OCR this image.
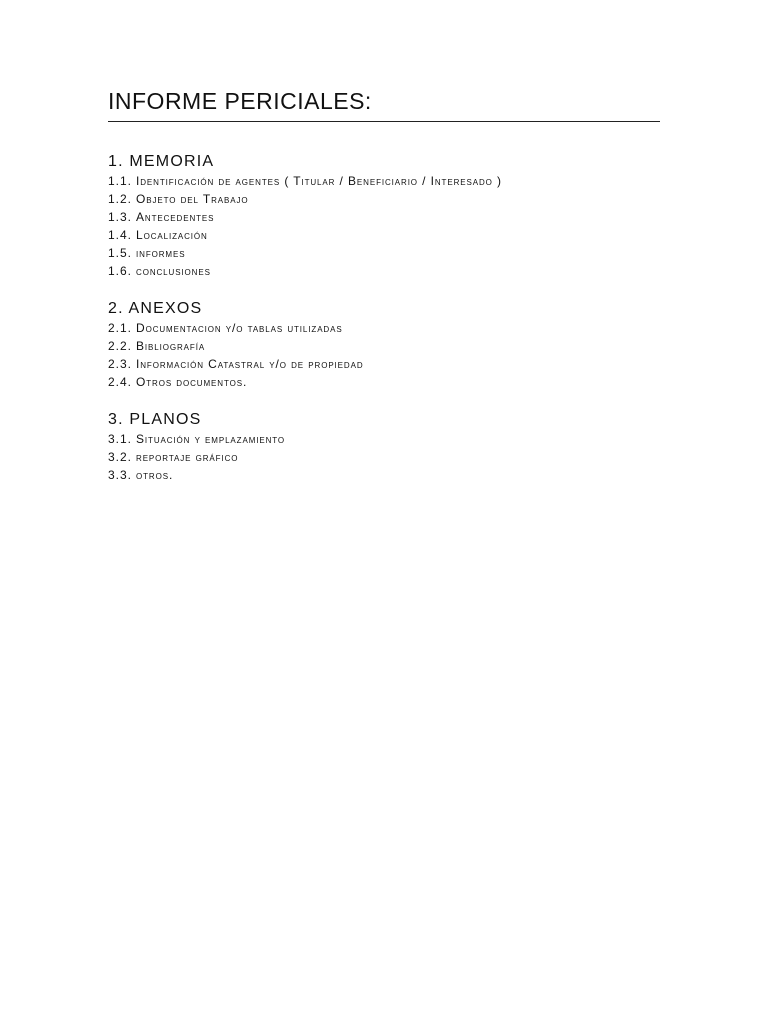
INFORME PERICIALES:
1. MEMORIA
1.1. Identificación de agentes ( Titular / Beneficiario / Interesado )
1.2. Objeto del Trabajo
1.3. Antecedentes
1.4. Localización
1.5. informes
1.6. conclusiones
2. ANEXOS
2.1. Documentacion y/o tablas utilizadas
2.2. Bibliografía
2.3. Información Catastral y/o de propiedad
2.4. Otros documentos.
3. PLANOS
3.1. Situación y emplazamiento
3.2. reportaje gráfico
3.3. otros.
